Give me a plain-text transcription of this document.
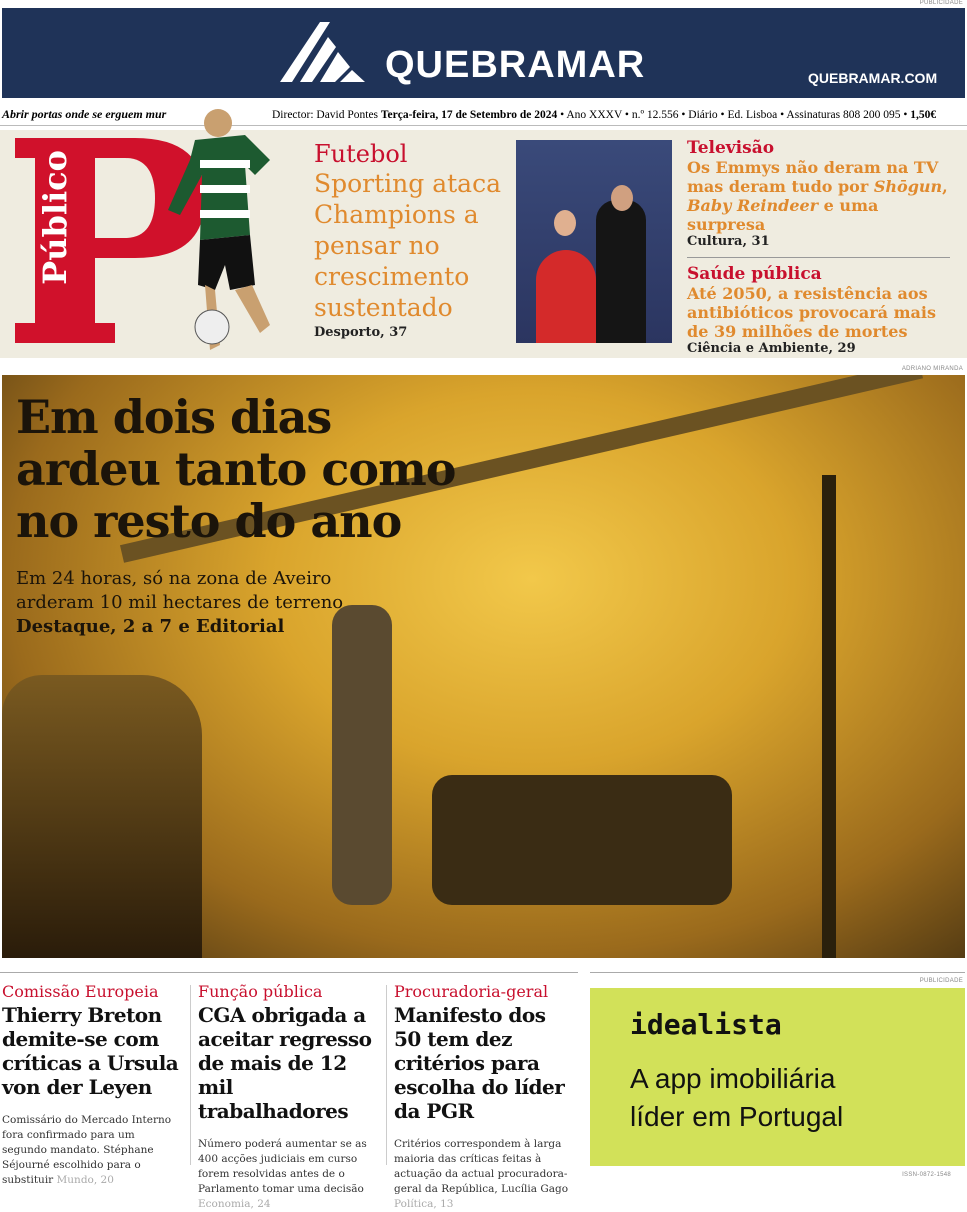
PUBLICIDADE
QUEBRAMAR	QUEBRAMAR.COM
Abrir portas onde se erguem mur	Director: David Pontes Terça-feira, 17 de Setembro de 2024 • Ano XXXV • n.º 12.556 • Diário • Ed. Lisboa • Assinaturas 808 200 095 • 1,50€
Público	Futebol
Sporting ataca Champions a pensar no crescimento sustentado
Desporto, 37
Televisão
Os Emmys não deram na TV mas deram tudo por Shōgun, Baby Reindeer e uma surpresa
Cultura, 31
Saúde pública
Até 2050, a resistência aos antibióticos provocará mais de 39 milhões de mortes
Ciência e Ambiente, 29
ADRIANO MIRANDA
Em dois dias ardeu tanto como no resto do ano
Em 24 horas, só na zona de Aveiro
arderam 10 mil hectares de terreno
Destaque, 2 a 7 e Editorial
Comissão Europeia
Thierry Breton demite-se com críticas a Ursula von der Leyen
Comissário do Mercado Interno fora confirmado para um segundo mandato. Stéphane Séjourné escolhido para o substituir Mundo, 20
Função pública
CGA obrigada a aceitar regresso de mais de 12 mil trabalhadores
Número poderá aumentar se as 400 acções judiciais em curso forem resolvidas antes de o Parlamento tomar uma decisão Economia, 24
Procuradoria-geral
Manifesto dos 50 tem dez critérios para escolha do líder da PGR
Critérios correspondem à larga maioria das críticas feitas à actuação da actual procuradora-geral da República, Lucília Gago Política, 13
PUBLICIDADE
idealista
A app imobiliária
líder em Portugal
ISSN-0872-1548
